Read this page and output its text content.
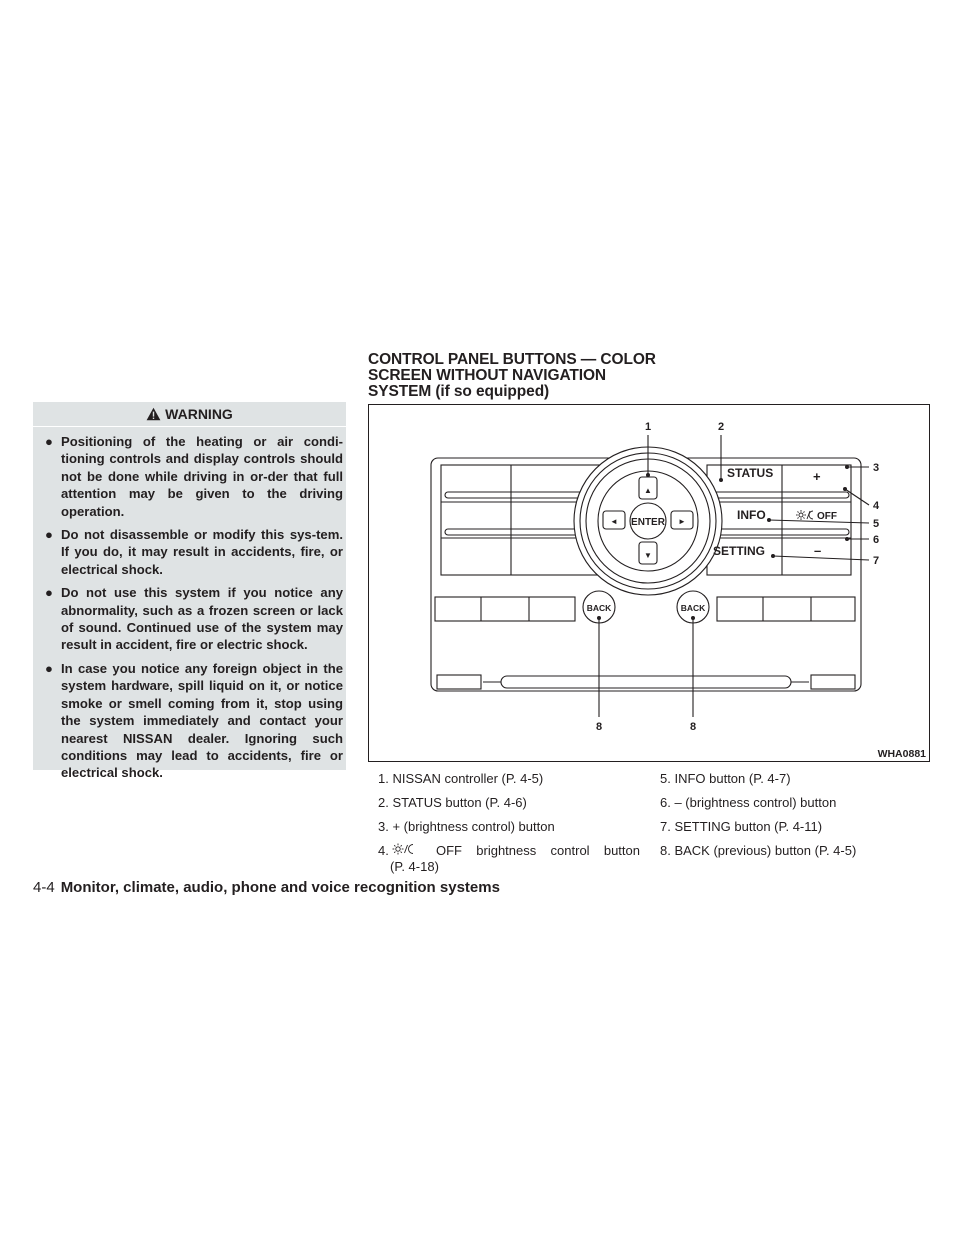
WARNING
● Positioning of the heating or air condi-tioning controls and display controls should not be done while driving in or-der that full attention may be given to the driving operation.
● Do not disassemble or modify this sys-tem. If you do, it may result in accidents, fire, or electrical shock.
● Do not use this system if you notice any abnormality, such as a frozen screen or lack of sound. Continued use of the system may result in accident, fire or electric shock.
● In case you notice any foreign object in the system hardware, spill liquid on it, or notice smoke or smell coming from it, stop using the system immediately and contact your nearest NISSAN dealer. Ignoring such conditions may lead to accidents, fire or electrical shock.
CONTROL PANEL BUTTONS — COLOR
SCREEN WITHOUT NAVIGATION
SYSTEM (if so equipped)
STATUS	+
INFO	OFF
SETTING	–
ENTER
BACK	BACK
▲
▼
◄	►
1	2
3
4
5
6
7
8	8
WHA0881
1. NISSAN controller (P. 4-5)
2. STATUS button (P. 4-6)
3. + (brightness control) button
4.	OFF brightness control button
(P. 4-18)
5. INFO button (P. 4-7)
6. – (brightness control) button
7. SETTING button (P. 4-11)
8. BACK (previous) button (P. 4-5)
4-4 Monitor, climate, audio, phone and voice recognition systems
